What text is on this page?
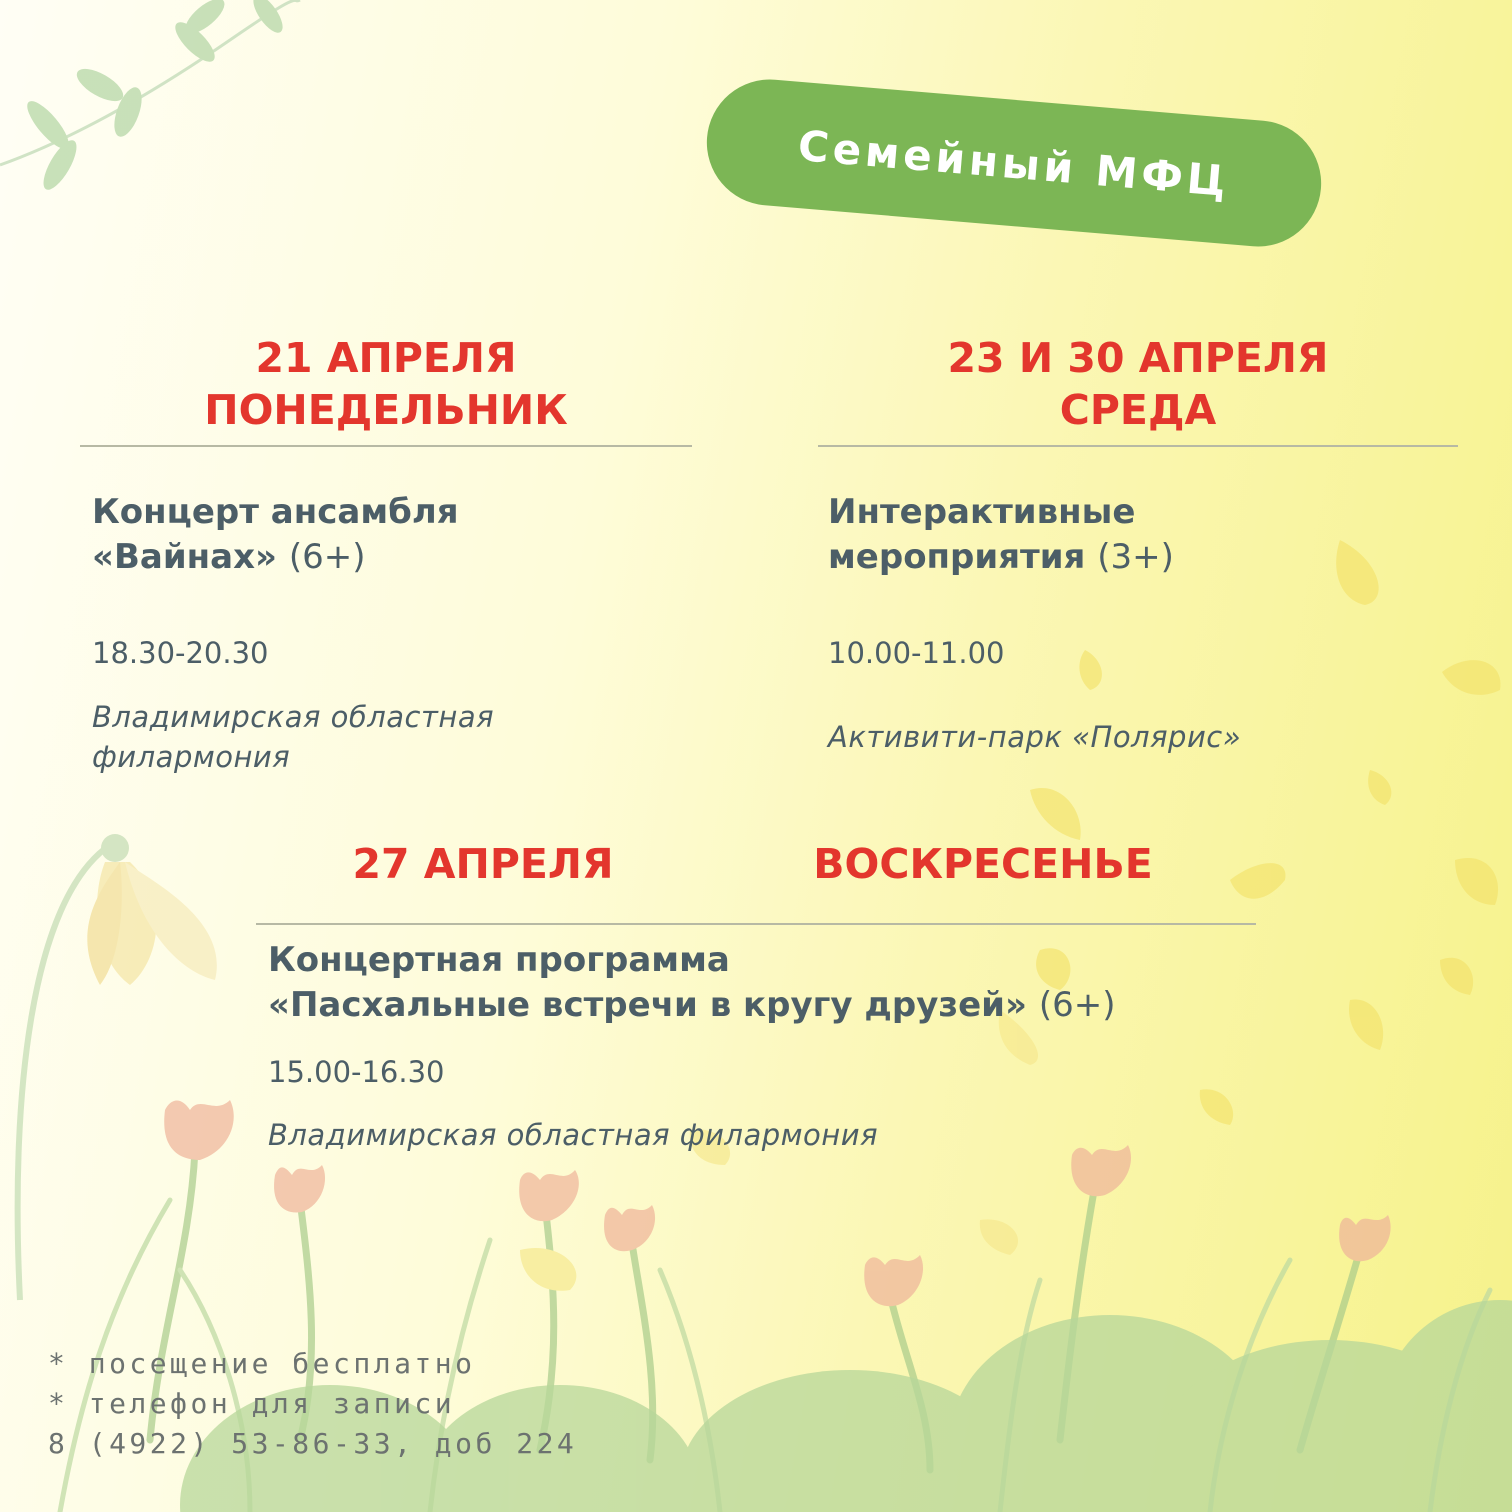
Семейный МФЦ
21 АПРЕЛЯ
ПОНЕДЕЛЬНИК
Концерт ансамбля
«Вайнах» (6+)
18.30-20.30
Владимирская областная
филармония
23 И 30 АПРЕЛЯ
СРЕДА
Интерактивные
мероприятия (3+)
10.00-11.00
Активити-парк «Полярис»
27 АПРЕЛЯ	ВОСКРЕСЕНЬЕ
Концертная программа
«Пасхальные встречи в кругу друзей» (6+)
15.00-16.30
Владимирская областная филармония
* посещение бесплатно
* телефон для записи
8 (4922) 53-86-33, доб 224
